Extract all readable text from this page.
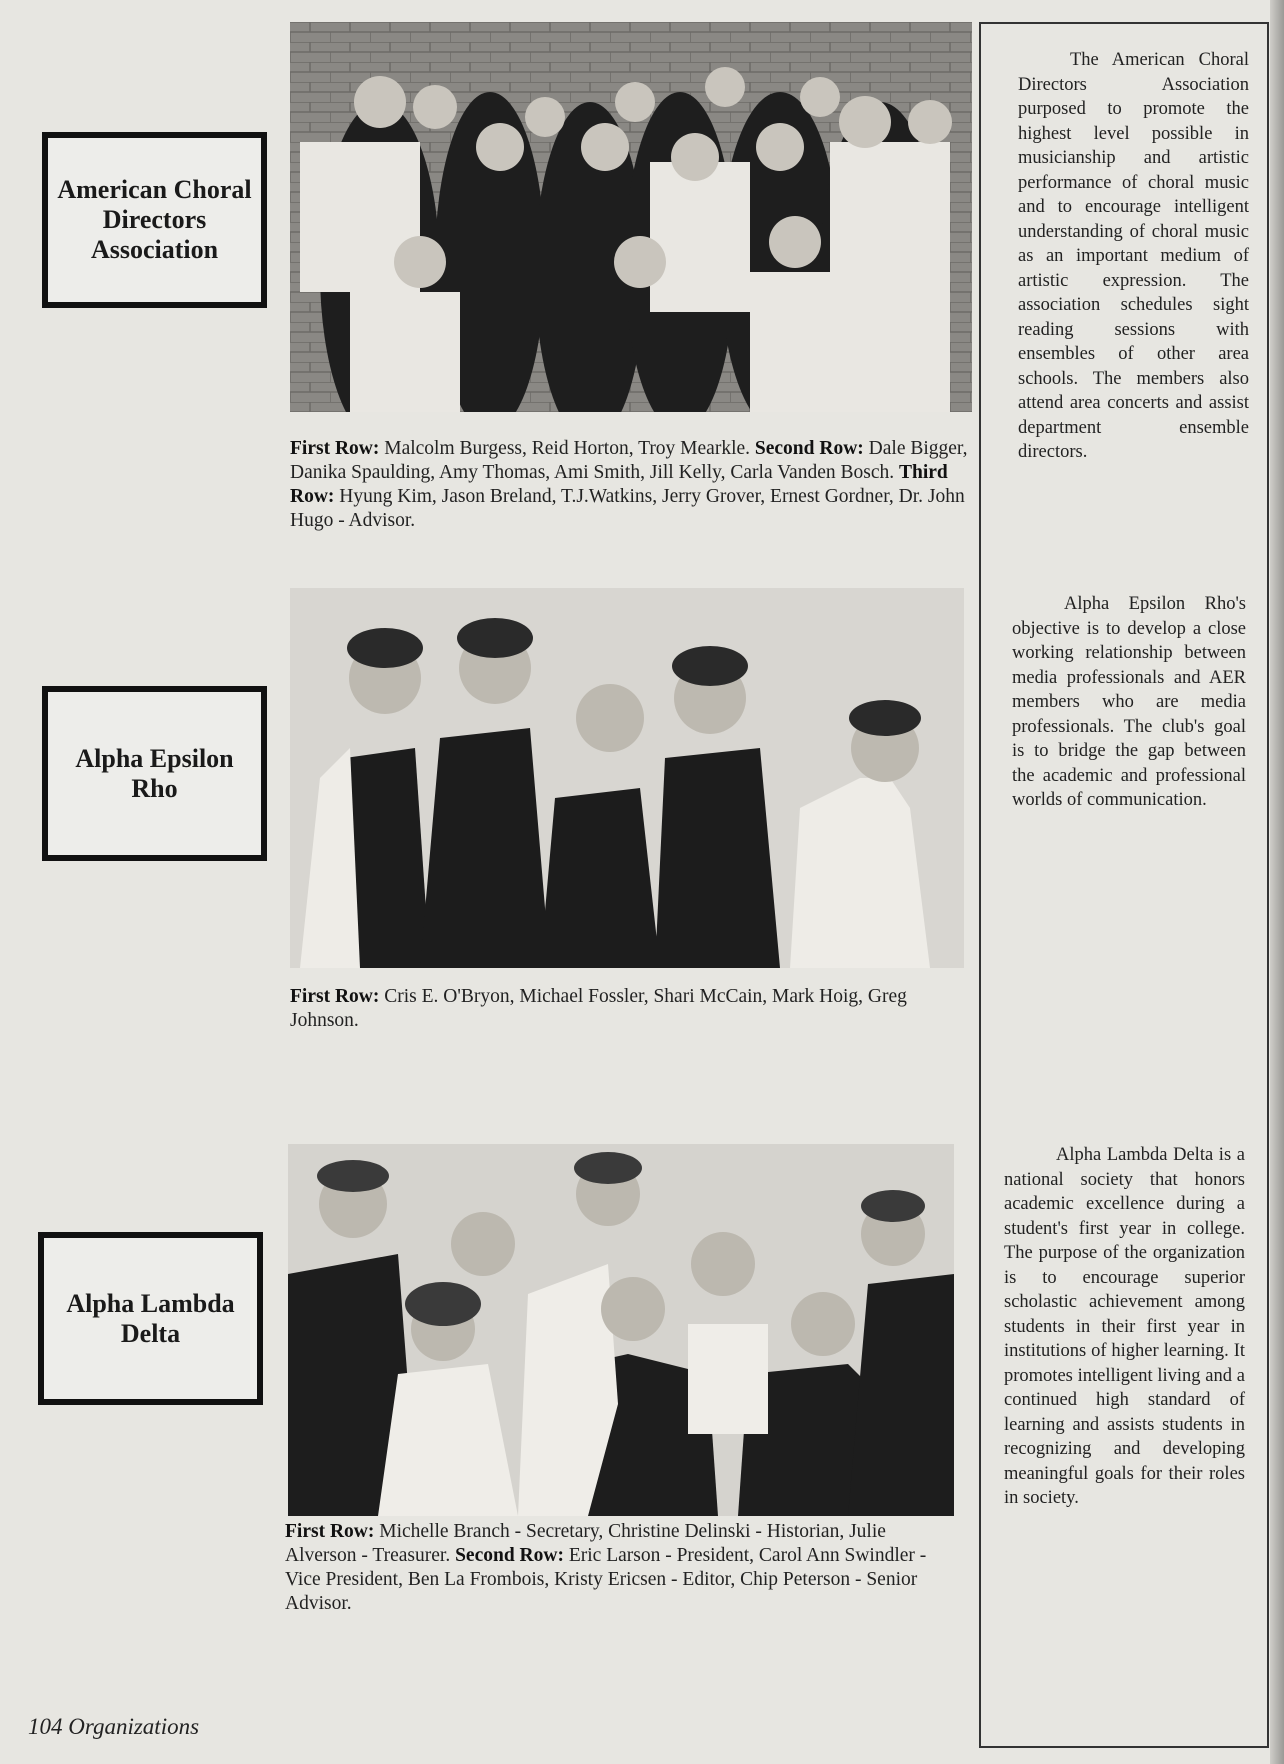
American Choral
Directors
Association
First Row: Malcolm Burgess, Reid Horton, Troy Mearkle. Second Row: Dale Bigger, Danika Spaulding, Amy Thomas, Ami Smith, Jill Kelly, Carla Vanden Bosch. Third Row: Hyung Kim, Jason Breland, T.J.Watkins, Jerry Grover, Ernest Gordner, Dr. John Hugo - Advisor.
The American Choral Directors Association purposed to promote the highest level possible in musicianship and artistic performance of choral music and to encourage intelligent understanding of choral music as an important medium of artistic expression. The association schedules sight reading sessions with ensembles of other area schools. The members also attend area concerts and assist department ensemble directors.
Alpha Epsilon
Rho
First Row: Cris E. O'Bryon, Michael Fossler, Shari McCain, Mark Hoig, Greg Johnson.
Alpha Epsilon Rho's objective is to develop a close working relationship between media professionals and AER members who are media professionals. The club's goal is to bridge the gap between the academic and professional worlds of communication.
Alpha Lambda
Delta
First Row: Michelle Branch - Secretary, Christine Delinski - Historian, Julie Alverson - Treasurer. Second Row: Eric Larson - President, Carol Ann Swindler - Vice President, Ben La Frombois, Kristy Ericsen - Editor, Chip Peterson - Senior Advisor.
Alpha Lambda Delta is a national society that honors academic excellence during a student's first year in college. The purpose of the organization is to encourage superior scholastic achievement among students in their first year in institutions of higher learning. It promotes intelligent living and a continued high standard of learning and assists students in recognizing and developing meaningful goals for their roles in society.
104 Organizations
